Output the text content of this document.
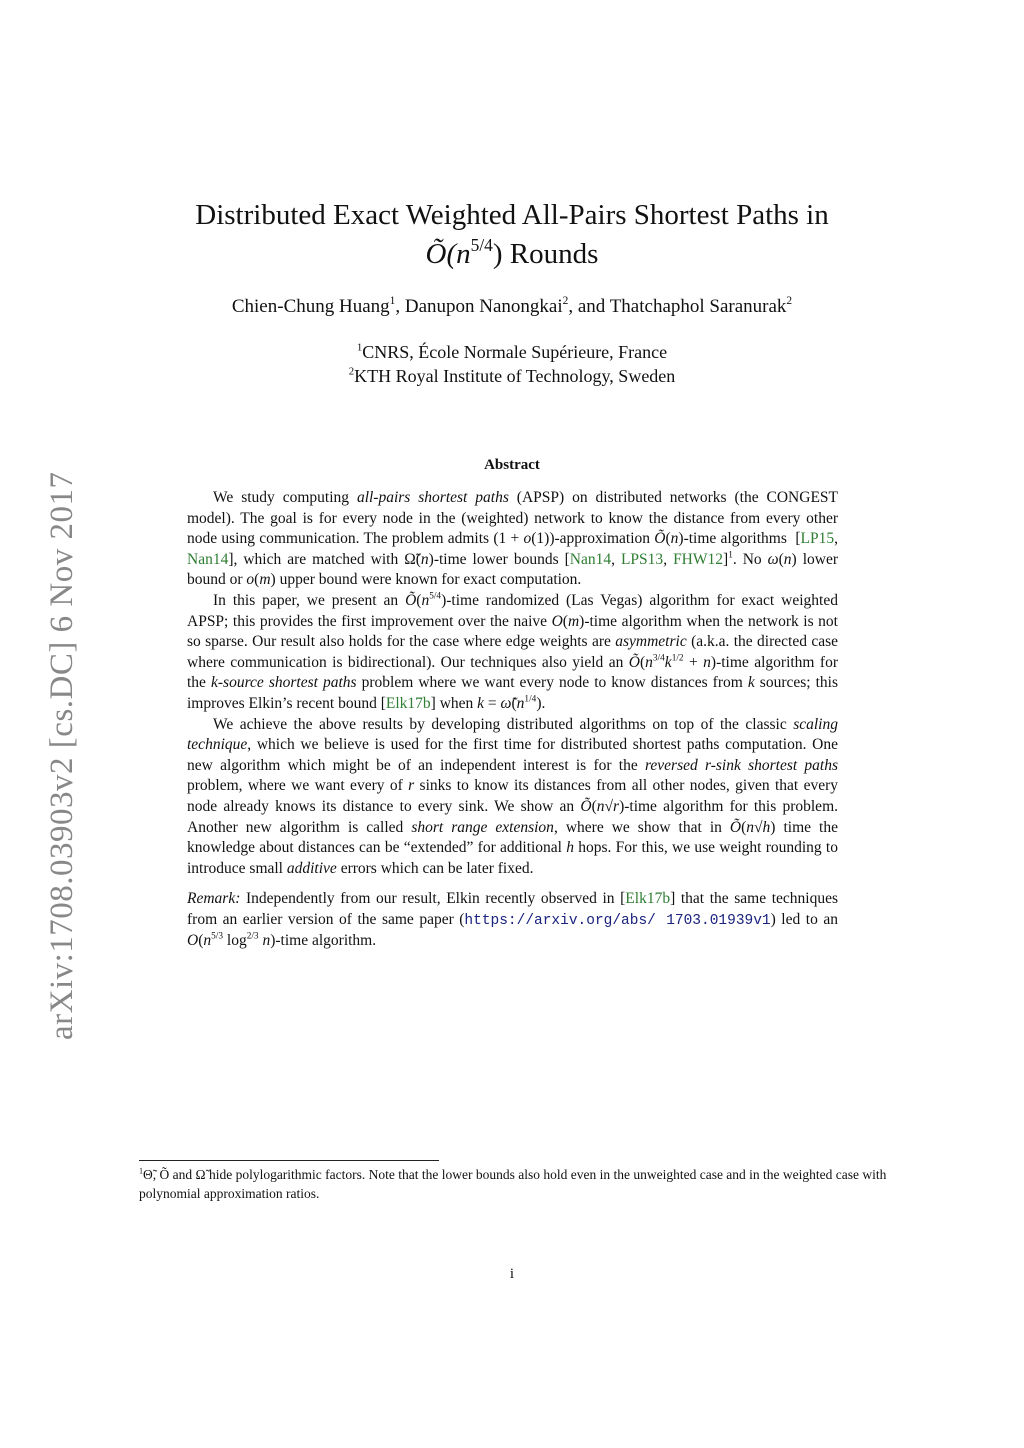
arXiv:1708.03903v2 [cs.DC] 6 Nov 2017
Distributed Exact Weighted All-Pairs Shortest Paths in
$Õ(n^{5/4})$ Rounds
Chien-Chung Huang$^1$, Danupon Nanongkai$^2$, and Thatchaphol Saranurak$^2$
$^1$CNRS, École Normale Supérieure, France
$^2$KTH Royal Institute of Technology, Sweden
Abstract

We study computing all-pairs shortest paths (APSP) on distributed networks (the CONGEST model). The goal is for every node in the (weighted) network to know the distance from every other node using communication. The problem admits (1 + o(1))-approximation Õ(n)-time algorithms  [LP15, Nan14], which are matched with Ω̃(n)-time lower bounds [Nan14, LPS13, FHW12]$^1$. No ω(n) lower bound or o(m) upper bound were known for exact computation.

In this paper, we present an $Õ(n^{5/4})$-time randomized (Las Vegas) algorithm for exact weighted APSP; this provides the first improvement over the naive O(m)-time algorithm when the network is not so sparse. Our result also holds for the case where edge weights are asymmetric (a.k.a. the directed case where communication is bidirectional). Our techniques also yield an $Õ(n^{3/4}k^{1/2}$ + n)-time algorithm for the k-source shortest paths problem where we want every node to know distances from k sources; this improves Elkin’s recent bound [Elk17b] when $k = \omegã(n^{1/4})$.

We achieve the above results by developing distributed algorithms on top of the classic scaling technique, which we believe is used for the first time for distributed shortest paths computation. One new algorithm which might be of an independent interest is for the reversed r-sink shortest paths problem, where we want every of r sinks to know its distances from all other nodes, given that every node already knows its distance to every sink. We show an Õ(n√r)-time algorithm for this problem. Another new algorithm is called short range extension, where we show that in Õ(n√h) time the knowledge about distances can be “extended” for additional h hops. For this, we use weight rounding to introduce small additive errors which can be later fixed.

Remark: Independently from our result, Elkin recently observed in [Elk17b] that the same techniques from an earlier version of the same paper (https://arxiv.org/abs/ 1703.01939v1) led to an $O(n^{5/3}$ $\log^{2/3}$ n)-time algorithm.

$^1$Θ̃, Õ and Ω̃ hide polylogarithmic factors. Note that the lower bounds also hold even in the unweighted case and in the weighted case with polynomial approximation ratios.
i
